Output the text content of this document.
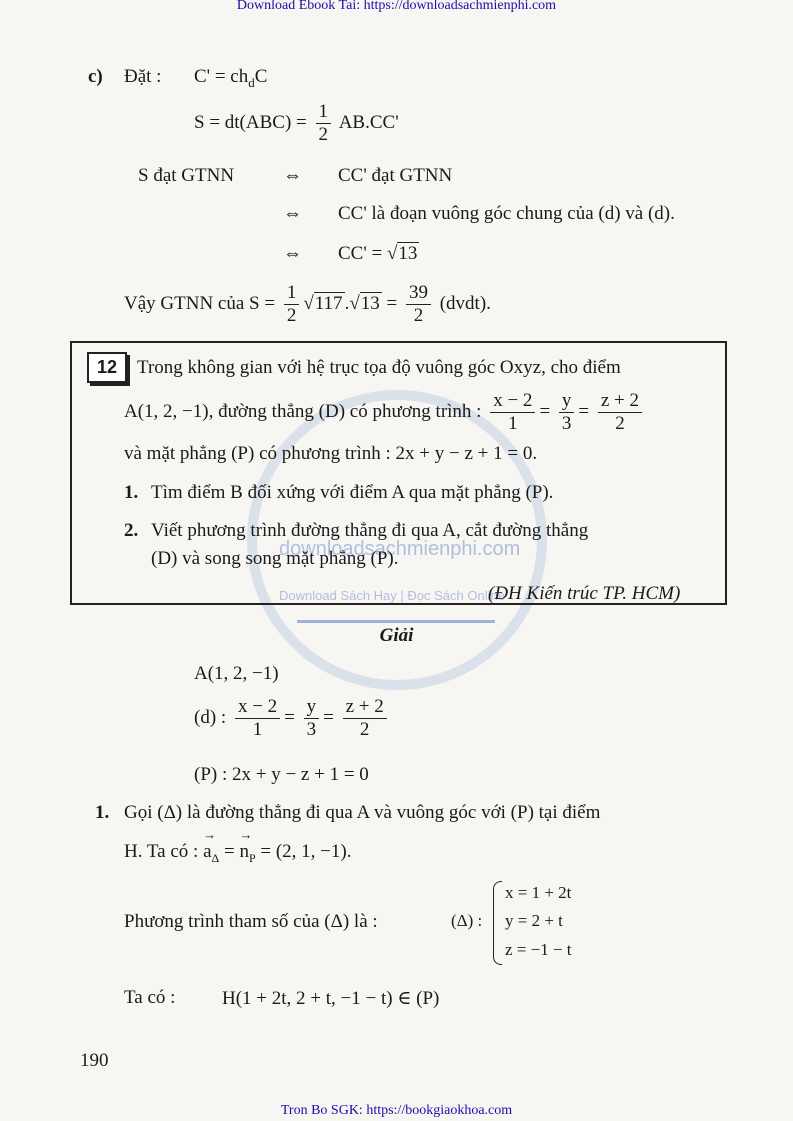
downloadsachmienphi.com
Download Sách Hay | Đọc Sách Online
Download Ebook Tai: https://downloadsachmienphi.com
c) Đặt : $C' = ch_dC$
$S = dt(ABC) = \frac{1}{2} AB.CC'$
S đạt GTNN	⇔ CC' đạt GTNN
⇔ CC' là đoạn vuông góc chung của (d) và (d).
⇔ CC' = √13
Vậy GTNN của $S = \frac{1}{2} √117$ $.√13 = \frac{39}{2}$ (dvdt).
12	Trong không gian với hệ trục tọa độ vuông góc Oxyz, cho điểm
A(1, 2, −1), đường thẳng (D) có phương trình : $\frac{x - 2}{1} = \frac{y}{3} = \frac{z + 2}{2}$
và mặt phẳng (P) có phương trình : 2x + y − z + 1 = 0.
1. Tìm điểm B đối xứng với điểm A qua mặt phẳng (P).
2. Viết phương trình đường thẳng đi qua A, cắt đường thẳng
(D) và song song mặt phẳng (P).
(ĐH Kiến trúc TP. HCM)
Giải
A(1, 2, −1)
(d) : $\frac{x - 2}{1} = \frac{y}{3} = \frac{z + 2}{2}$
(P) : 2x + y − z + 1 = 0
1. Gọi (Δ) là đường thẳng đi qua A và vuông góc với (P) tại điểm
H. Ta có : → $a_\Delta$ = → $n_P = (2$, 1, −1).
Phương trình tham số của (Δ) là :	(Δ) :
x = 1 + 2t
y = 2 + t
z = −1 − t
Ta có : H(1 + 2t, 2 + t, −1 − t) ∈ (P)
190
Tron Bo SGK: https://bookgiaokhoa.com
